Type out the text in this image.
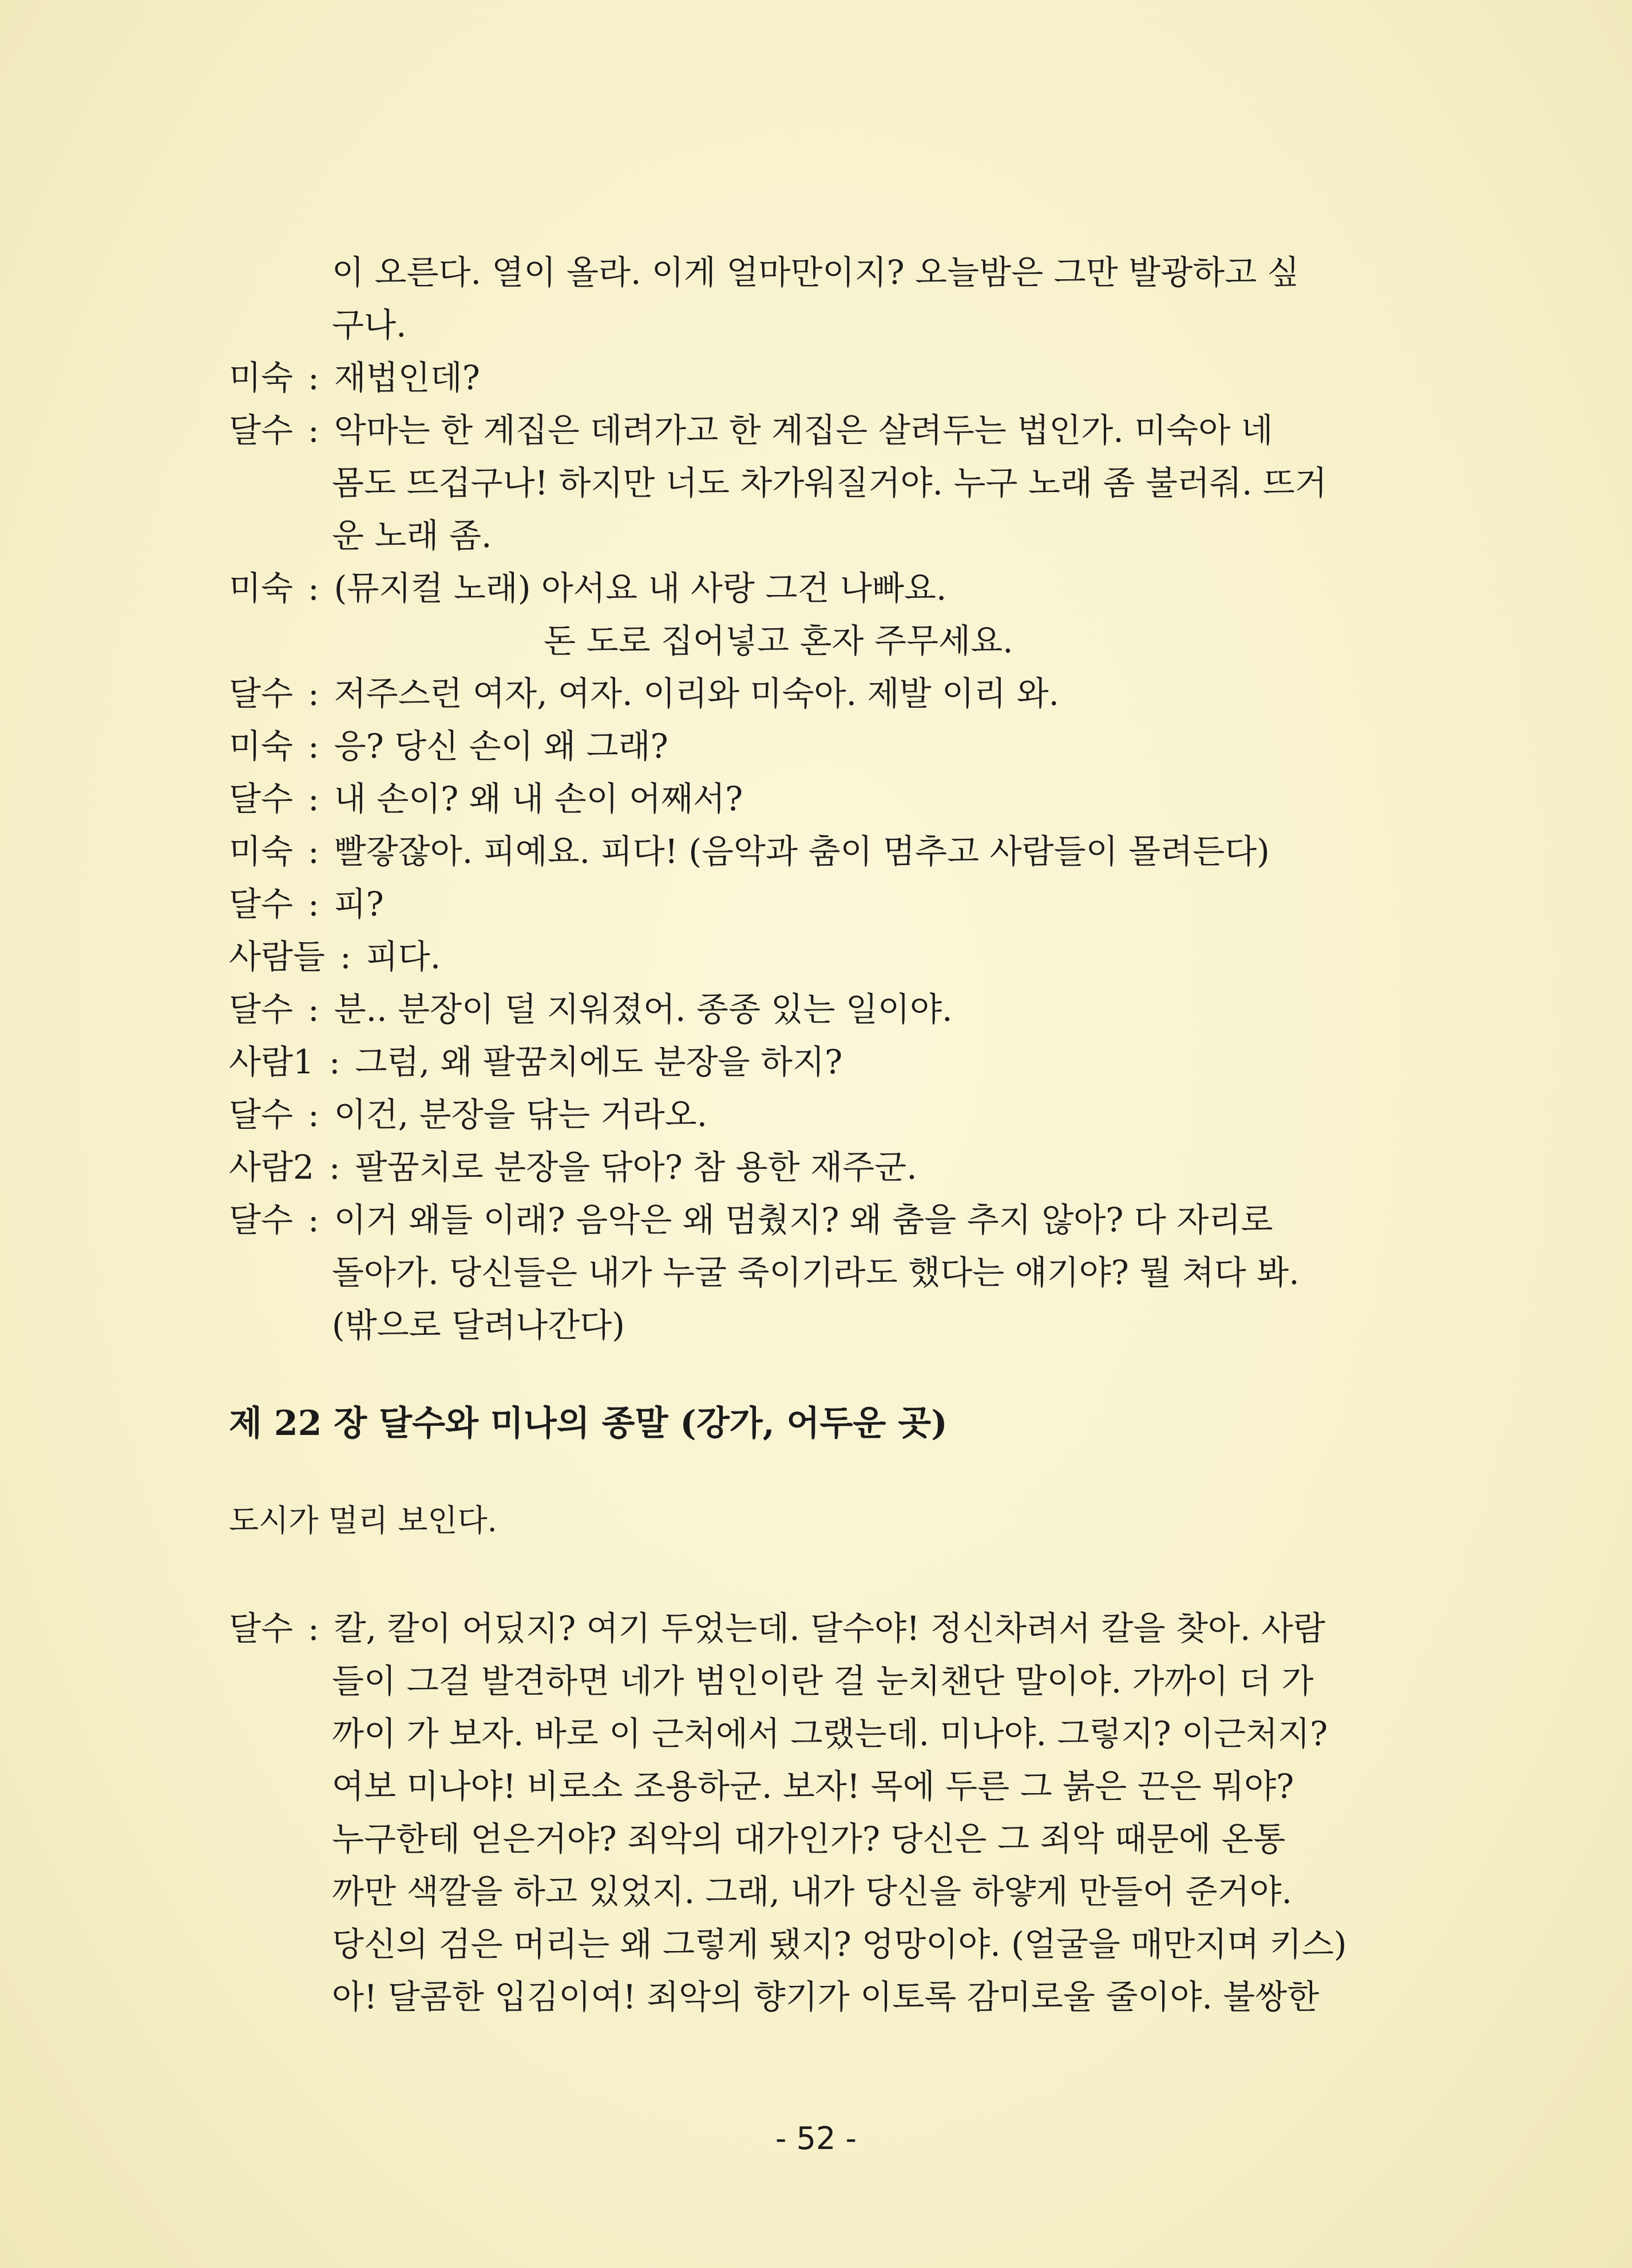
이 오른다. 열이 올라. 이게 얼마만이지? 오늘밤은 그만 발광하고 싶
구나.
미숙 : 재법인데?
달수 : 악마는 한 계집은 데려가고 한 계집은 살려두는 법인가. 미숙아 네
몸도 뜨겁구나! 하지만 너도 차가워질거야. 누구 노래 좀 불러줘. 뜨거
운 노래 좀.
미숙 : (뮤지컬 노래) 아서요 내 사랑 그건 나빠요.
돈 도로 집어넣고 혼자 주무세요.
달수 : 저주스런 여자, 여자. 이리와 미숙아. 제발 이리 와.
미숙 : 응? 당신 손이 왜 그래?
달수 : 내 손이? 왜 내 손이 어째서?
미숙 : 빨갛잖아. 피예요. 피다! (음악과 춤이 멈추고 사람들이 몰려든다)
달수 : 피?
사람들 : 피다.
달수 : 분.. 분장이 덜 지워졌어. 종종 있는 일이야.
사람1 : 그럼, 왜 팔꿈치에도 분장을 하지?
달수 : 이건, 분장을 닦는 거라오.
사람2 : 팔꿈치로 분장을 닦아? 참 용한 재주군.
달수 : 이거 왜들 이래? 음악은 왜 멈췄지? 왜 춤을 추지 않아? 다 자리로
돌아가. 당신들은 내가 누굴 죽이기라도 했다는 얘기야? 뭘 쳐다 봐.
(밖으로 달려나간다)
제 22 장 달수와 미나의 종말 (강가, 어두운 곳)
도시가 멀리 보인다.
달수 : 칼, 칼이 어딨지? 여기 두었는데. 달수야! 정신차려서 칼을 찾아. 사람
들이 그걸 발견하면 네가 범인이란 걸 눈치챈단 말이야. 가까이 더 가
까이 가 보자. 바로 이 근처에서 그랬는데. 미나야. 그렇지? 이근처지?
여보 미나야! 비로소 조용하군. 보자! 목에 두른 그 붉은 끈은 뭐야?
누구한테 얻은거야? 죄악의 대가인가? 당신은 그 죄악 때문에 온통
까만 색깔을 하고 있었지. 그래, 내가 당신을 하얗게 만들어 준거야.
당신의 검은 머리는 왜 그렇게 됐지? 엉망이야. (얼굴을 매만지며 키스)
아! 달콤한 입김이여! 죄악의 향기가 이토록 감미로울 줄이야. 불쌍한
- 52 -
